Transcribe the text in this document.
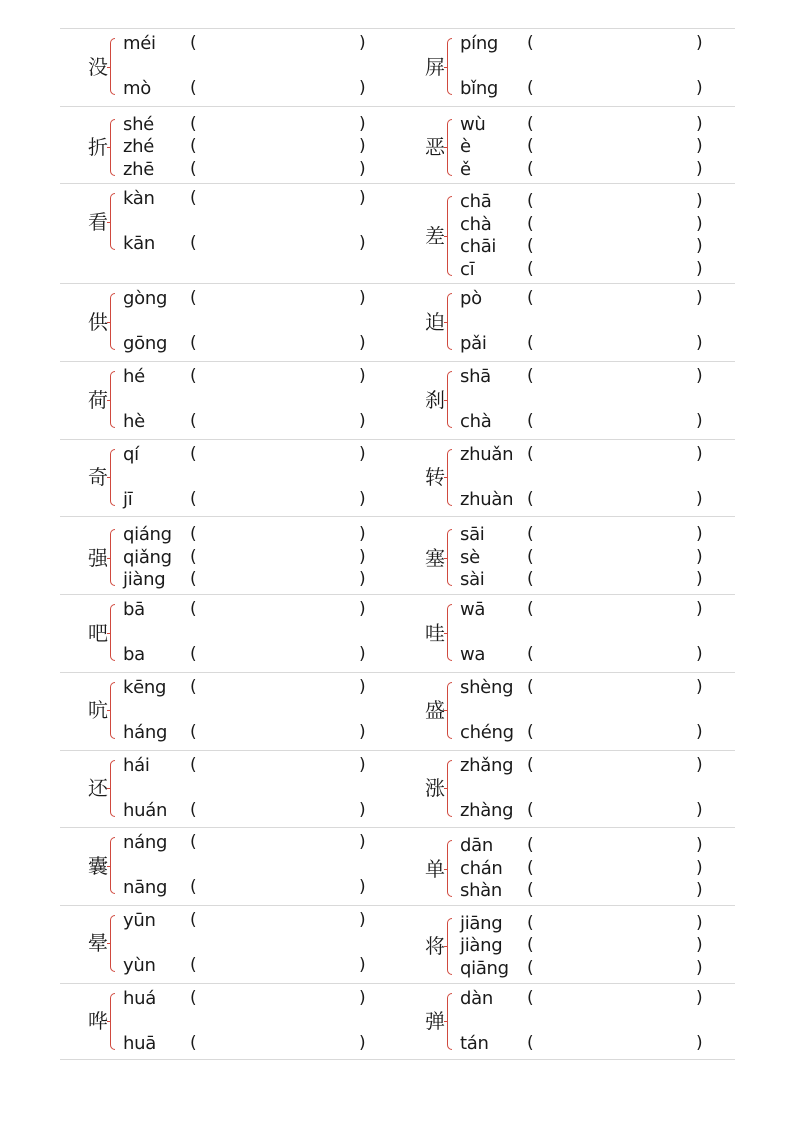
没
méi (	)
mò (	)
屏
píng (	)
bǐng (	)
折
shé (	)
zhé (	)
zhē (	)
恶
wù (	)
è	(	)
ě	(	)
看
kàn (	)
kān (	)	差
chā (	)
chà (	)
chāi (	)
cī	(	)
供
gòng (	)
gōng (	)
迫
pò	(	)
pǎi (	)
荷
hé	(	)
hè	(	)
刹
shā (	)
chà (	)
奇
qí	(	)
jī	(	)
转
zhuǎn (	)
zhuàn (	)
强
qiáng (	)
qiǎng (	)
jiàng (	)
塞
sāi (	)
sè	(	)
sài (	)
吧
bā	(	)
ba	(	)
哇
wā (	)
wa (	)
吭
kēng (	)
háng (	)
盛
shèng (	)
chéng (	)
还
hái (	)
huán (	)
涨
zhǎng (	)
zhàng (	)
囊
náng (	)
nāng (	)
单
dān (	)
chán (	)
shàn (	)
晕
yūn (	)
yùn (	)
将
jiāng (	)
jiàng (	)
qiāng (	)
哗
huá (	)
huā (	)
弹
dàn (	)
tán (	)
